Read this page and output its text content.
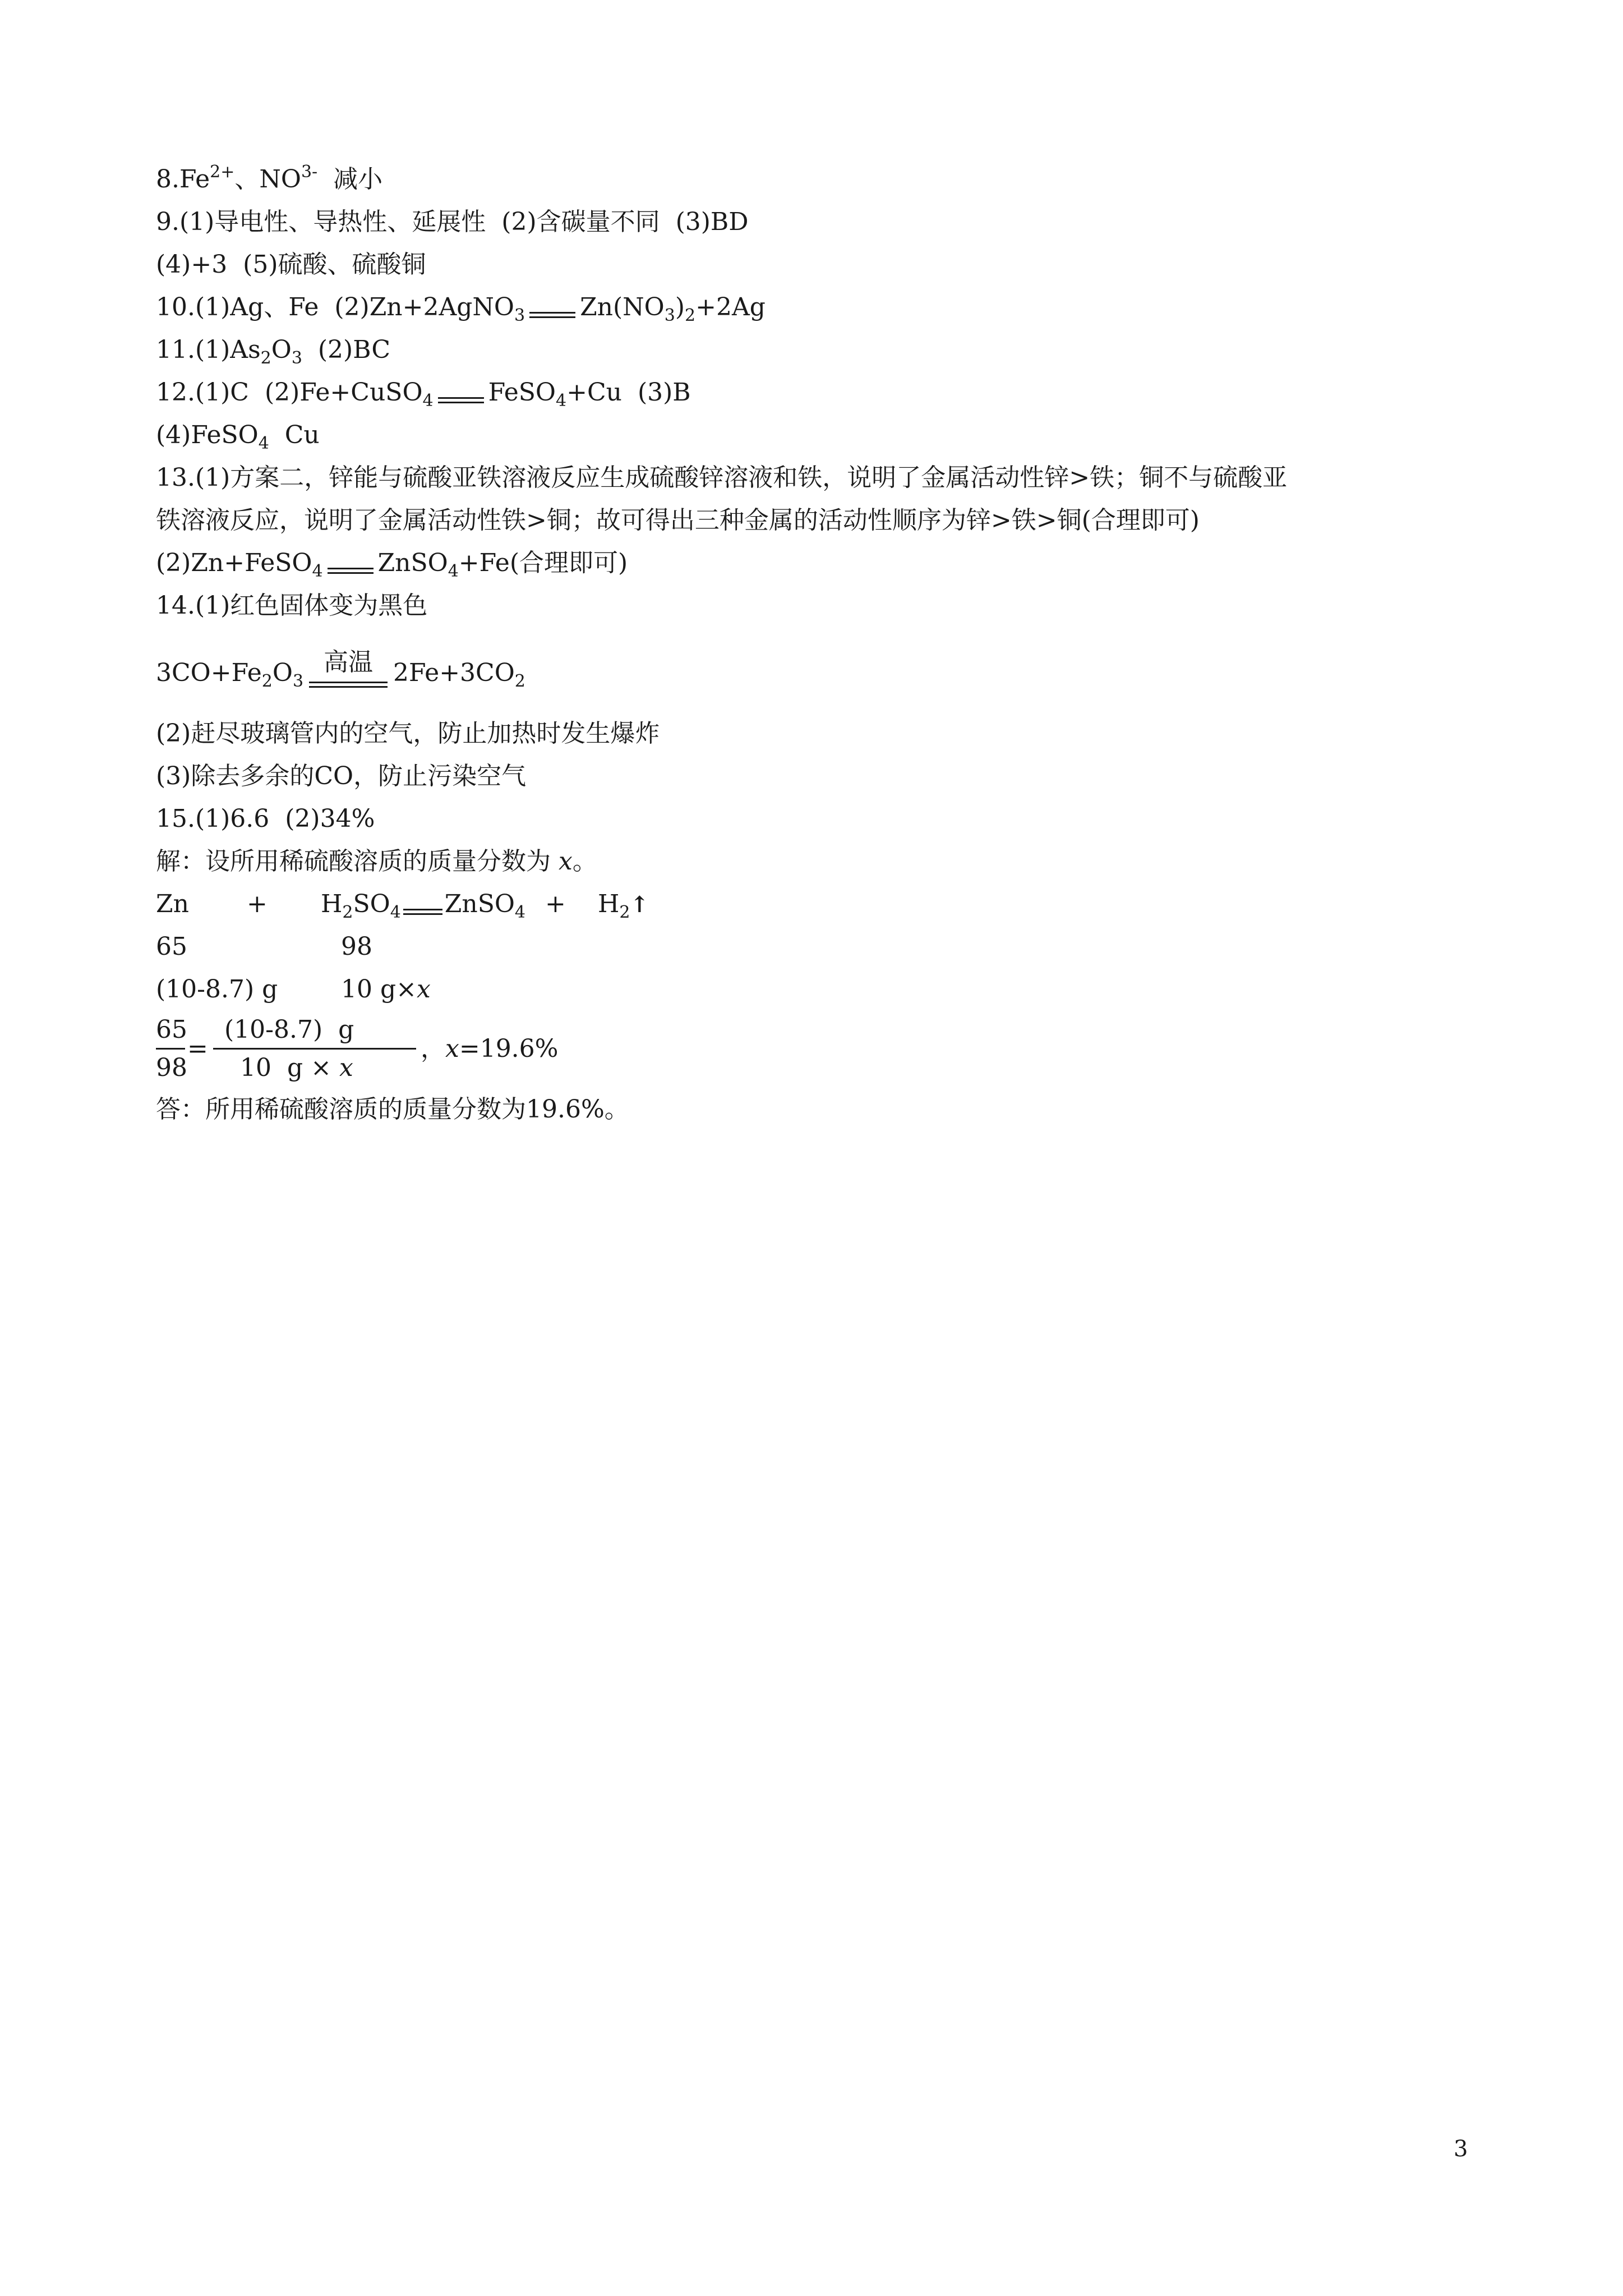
$8.Fe^{2+}$、$NO^{3-}$  减小
9.(1)导电性、导热性、延展性  (2)含碳量不同  (3)BD
(4)+3  (5)硫酸、硫酸铜
10.(1)Ag、Fe  (2)Zn+2AgNO$_3$ $Zn(NO_3)_2+2Ag$
$11.(1)As_2O_3$  (2)BC
12.(1)C  (2)Fe+CuSO$_4$ FeSO$_4$+Cu  (3)B
(4)FeSO$_4$  Cu
13.(1)方案二，锌能与硫酸亚铁溶液反应生成硫酸锌溶液和铁，说明了金属活动性锌>铁；铜不与硫酸亚
铁溶液反应，说明了金属活动性铁>铜；故可得出三种金属的活动性顺序为锌>铁>铜(合理即可)
(2)Zn+FeSO$_4$ ZnSO$_4$+Fe(合理即可)
14.(1)红色固体变为黑色
$3CO+Fe_2O_3$
高温 $2Fe+3CO_2$
(2)赶尽玻璃管内的空气，防止加热时发生爆炸
(3)除去多余的CO，防止污染空气
15.(1)6.6  (2)34%
解：设所用稀硫酸溶质的质量分数为 x。
$Zn + H_2SO_4$ ZnSO$_4$ + $H_2↑$
65	98
(10-8.7) g	10 g×x
65
98
=
(10-8.7)  g
10  g × x
，x=19.6%
答：所用稀硫酸溶质的质量分数为19.6%。
3
